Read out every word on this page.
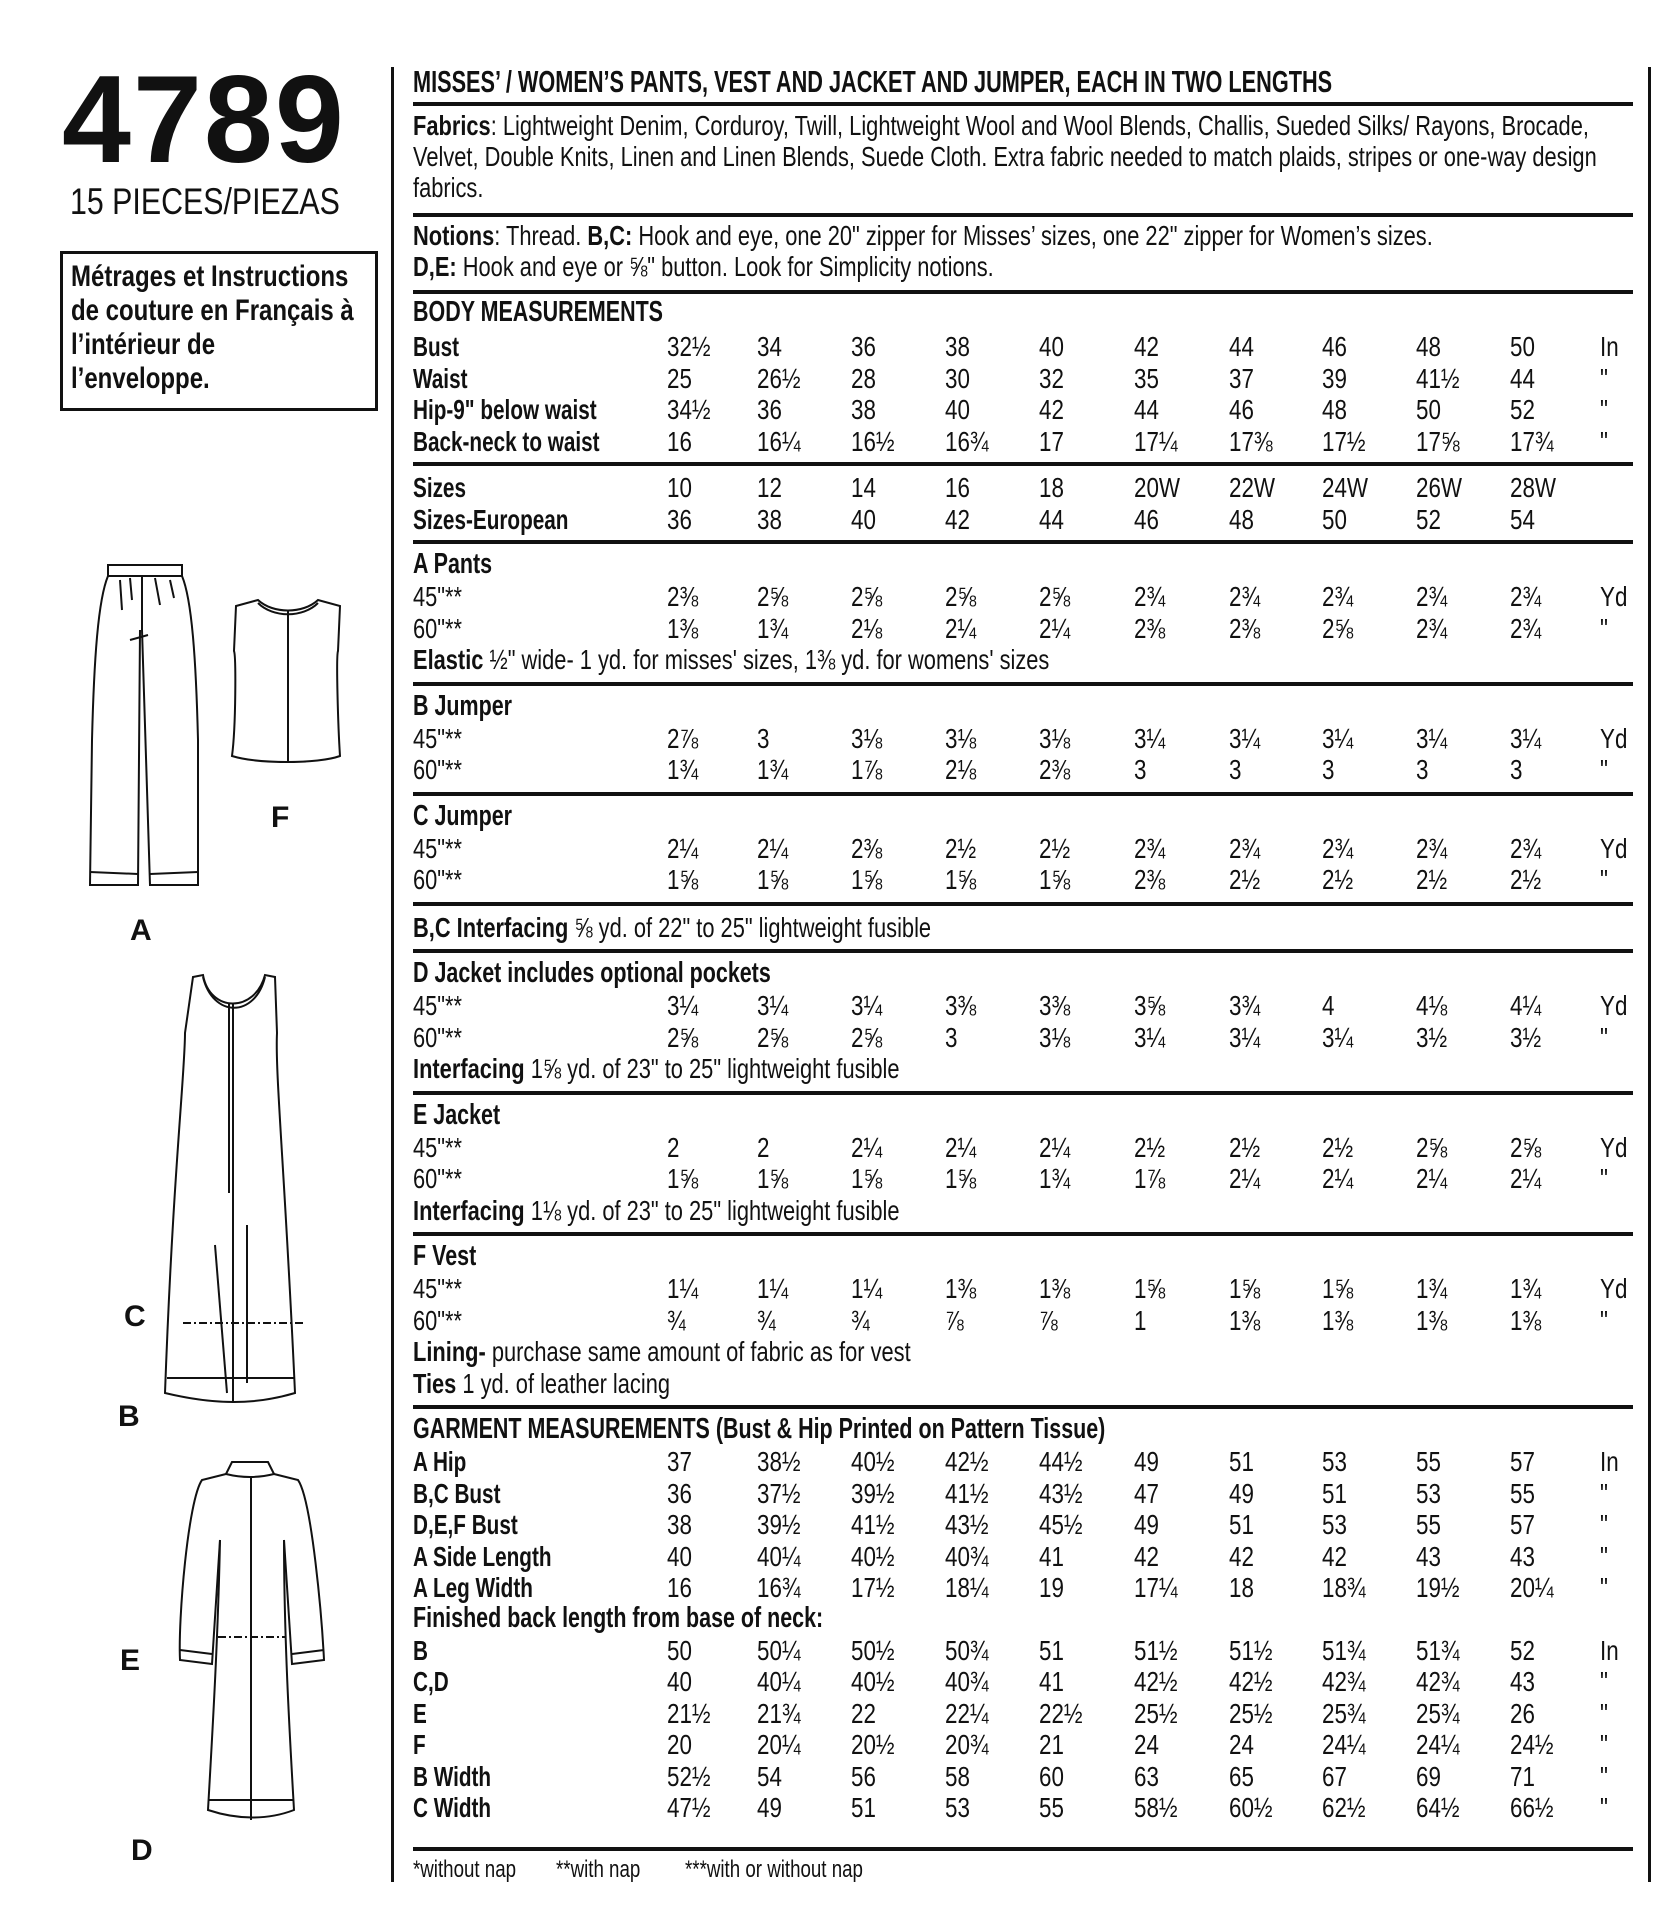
4789
15 PIECES/PIEZAS
Métrages et Instructions
de couture en Français à
l’intérieur de
l’enveloppe.
A
F
C
B
E
D
MISSES’ / WOMEN’S PANTS, VEST AND JACKET AND JUMPER, EACH IN TWO LENGTHS
Fabrics: Lightweight Denim, Corduroy, Twill, Lightweight Wool and Wool Blends, Challis, Sueded Silks/ Rayons, Brocade, Velvet, Double Knits, Linen and Linen Blends, Suede Cloth. Extra fabric needed to match plaids, stripes or one-way design fabrics.
Notions: Thread. B,C: Hook and eye, one 20" zipper for Misses’ sizes, one 22" zipper for Women’s sizes.
D,E: Hook and eye or ⅝" button. Look for Simplicity notions.
BODY MEASUREMENTS
Bust	32½ 34 36 38 40	42	44 46 48 50 In
Waist	25 26½ 28 30 32	35	37 39 41½ 44 "
Hip-9" below waist	34½ 36 38 40 42	44	46 48 50 52 "
Back-neck to waist 16 16¼ 16½ 16¾ 17	17¼ 17⅜ 17½ 17⅝ 17¾ "
Sizes	10 12 14 16 18	20W 22W 24W 26W 28W
Sizes-European	36 38 40 42 44	46	48 50 52 54
A Pants
45"**	2⅜ 2⅝ 2⅝ 2⅝ 2⅝ 2¾ 2¾ 2¾ 2¾ 2¾ Yd
60"**	1⅜ 1¾ 2⅛ 2¼ 2¼ 2⅜ 2⅜ 2⅝ 2¾ 2¾ "
Elastic ½" wide- 1 yd. for misses' sizes, 1⅜ yd. for womens' sizes
B Jumper
45"**	2⅞ 3	3⅛ 3⅛ 3⅛ 3¼ 3¼ 3¼ 3¼ 3¼ Yd
60"**	1¾ 1¾ 1⅞ 2⅛ 2⅜ 3	3	3	3	3	"
C Jumper
45"**	2¼ 2¼ 2⅜ 2½ 2½ 2¾ 2¾ 2¾ 2¾ 2¾ Yd
60"**	1⅝ 1⅝ 1⅝ 1⅝ 1⅝ 2⅜ 2½ 2½ 2½ 2½ "
B,C Interfacing ⅝ yd. of 22" to 25" lightweight fusible
D Jacket includes optional pockets
45"**	3¼ 3¼ 3¼ 3⅜ 3⅜ 3⅝ 3¾ 4	4⅛ 4¼ Yd
60"**	2⅝ 2⅝ 2⅝ 3	3⅛ 3¼ 3¼ 3¼ 3½ 3½ "
Interfacing 1⅝ yd. of 23" to 25" lightweight fusible
E Jacket
45"**	2	2	2¼ 2¼ 2¼ 2½ 2½ 2½ 2⅝ 2⅝ Yd
60"**	1⅝ 1⅝ 1⅝ 1⅝ 1¾ 1⅞ 2¼ 2¼ 2¼ 2¼ "
Interfacing 1⅛ yd. of 23" to 25" lightweight fusible
F Vest
45"**	1¼ 1¼ 1¼ 1⅜ 1⅜ 1⅝ 1⅝ 1⅝ 1¾ 1¾ Yd
60"**	¾	¾	¾	⅞	⅞	1	1⅜ 1⅜ 1⅜ 1⅜ "
Lining- purchase same amount of fabric as for vest
Ties 1 yd. of leather lacing
GARMENT MEASUREMENTS (Bust & Hip Printed on Pattern Tissue)
A Hip	37 38½ 40½ 42½ 44½ 49	51 53 55 57 In
B,C Bust	36 37½ 39½ 41½ 43½ 47	49 51 53 55 "
D,E,F Bust	38 39½ 41½ 43½ 45½ 49	51 53 55 57 "
A Side Length	40 40¼ 40½ 40¾ 41	42	42 42 43 43 "
A Leg Width	16 16¾ 17½ 18¼ 19	17¼ 18 18¾ 19½ 20¼ "
Finished back length from base of neck:
B	50 50¼ 50½ 50¾ 51	51½ 51½ 51¾ 51¾ 52 In
C,D	40 40¼ 40½ 40¾ 41	42½ 42½ 42¾ 42¾ 43 "
E	21½ 21¾ 22 22¼ 22½ 25½ 25½ 25¾ 25¾ 26 "
F	20 20¼ 20½ 20¾ 21	24	24 24¼ 24¼ 24½ "
B Width	52½ 54 56 58 60	63	65 67 69 71 "
C Width	47½ 49 51 53 55	58½ 60½ 62½ 64½ 66½ "
*without nap **with nap ***with or without nap
